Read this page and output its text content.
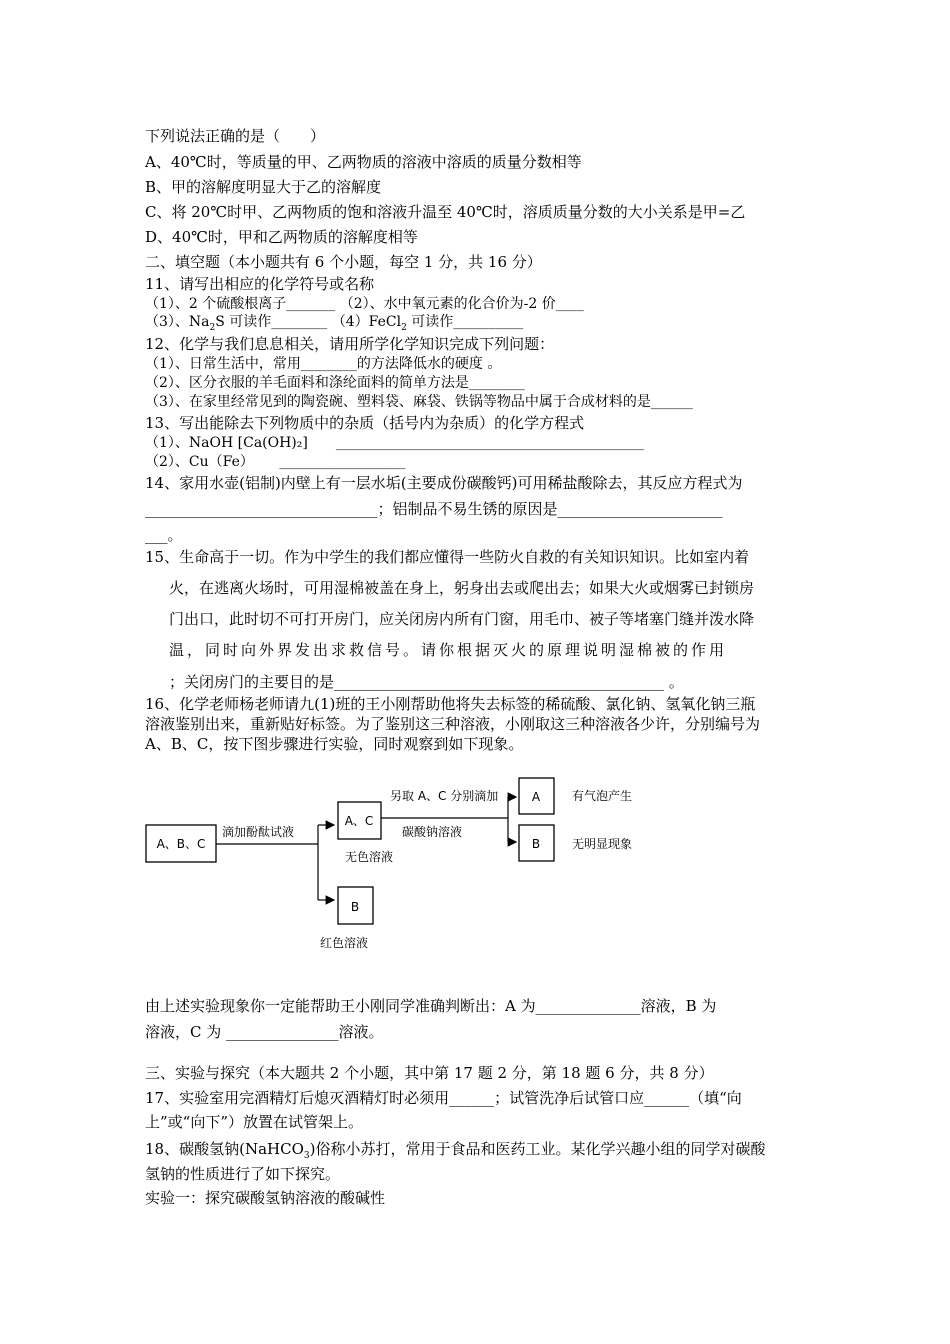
下列说法正确的是（　　）
A、40℃时，等质量的甲、乙两物质的溶液中溶质的质量分数相等
B、甲的溶解度明显大于乙的溶解度
C、将 20℃时甲、乙两物质的饱和溶液升温至 40℃时，溶质质量分数的大小关系是甲=乙
D、40℃时，甲和乙两物质的溶解度相等
二、填空题（本小题共有 6 个小题，每空 1 分，共 16 分）
11、请写出相应的化学符号或名称
（1）、2 个硫酸根离子_______ （2）、水中氧元素的化合价为-2 价____
（3）、$Na_2S$ 可读作________ （4）FeCl$_2$ 可读作__________
12、化学与我们息息相关，请用所学化学知识完成下列问题：
（1）、日常生活中，常用________的方法降低水的硬度 。
（2）、区分衣服的羊毛面料和涤纶面料的简单方法是________
（3）、在家里经常见到的陶瓷碗、塑料袋、麻袋、铁锅等物品中属于合成材料的是______
13、写出能除去下列物质中的杂质（括号内为杂质）的化学方程式
（1）、NaOH [Ca(OH)₂]　　____________________________________________
（2）、Cu（Fe）　　 __________________
14、家用水壶(铝制)内壁上有一层水垢(主要成份碳酸钙)可用稀盐酸除去，其反应方程式为
_______________________________；铝制品不易生锈的原因是______________________
___。
15、生命高于一切。作为中学生的我们都应懂得一些防火自救的有关知识知识。比如室内着
火，在逃离火场时，可用湿棉被盖在身上，躬身出去或爬出去；如果大火或烟雾已封锁房
门出口，此时切不可打开房门，应关闭房内所有门窗，用毛巾、被子等堵塞门缝并泼水降
温，同时向外界发出求救信号。请你根据灭火的原理说明湿棉被的作用
；关闭房门的主要目的是____________________________________________ 。
16、化学老师杨老师请九(1)班的王小刚帮助他将失去标签的稀硫酸、氯化钠、氢氧化钠三瓶
溶液鉴别出来，重新贴好标签。为了鉴别这三种溶液，小刚取这三种溶液各少许，分别编号为
A、B、C，按下图步骤进行实验，同时观察到如下现象。
A、B、C
滴加酚酞试液
A、C
无色溶液
B
红色溶液
另取 A、C 分别滴加
碳酸钠溶液
A	有气泡产生
B	无明显现象
由上述实验现象你一定能帮助王小刚同学准确判断出：A 为______________溶液，B 为
溶液，C 为 _______________溶液。
三、实验与探究（本大题共 2 个小题，其中第 17 题 2 分，第 18 题 6 分，共 8 分）
17、实验室用完酒精灯后熄灭酒精灯时必须用______；试管洗净后试管口应______（填“向
上”或“向下”）放置在试管架上。
18、碳酸氢钠(NaHCO$_3$)俗称小苏打，常用于食品和医药工业。某化学兴趣小组的同学对碳酸
氢钠的性质进行了如下探究。
实验一：探究碳酸氢钠溶液的酸碱性
